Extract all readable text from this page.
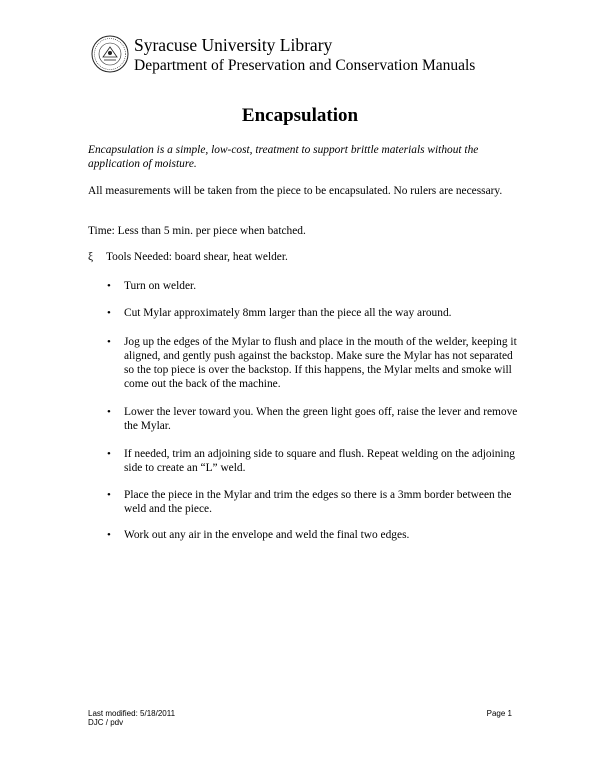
Syracuse University Library
Department of Preservation and Conservation Manuals
Encapsulation
Encapsulation is a simple, low-cost, treatment to support brittle materials without the application of moisture.
All measurements will be taken from the piece to be encapsulated. No rulers are necessary.
Time: Less than 5 min. per piece when batched.
ξ Tools Needed: board shear, heat welder.
• Turn on welder.
• Cut Mylar approximately 8mm larger than the piece all the way around.
• Jog up the edges of the Mylar to flush and place in the mouth of the welder, keeping it aligned, and gently push against the backstop. Make sure the Mylar has not separated so the top piece is over the backstop. If this happens, the Mylar melts and smoke will come out the back of the machine.
• Lower the lever toward you. When the green light goes off, raise the lever and remove the Mylar.
• If needed, trim an adjoining side to square and flush. Repeat welding on the adjoining side to create an “L” weld.
• Place the piece in the Mylar and trim the edges so there is a 3mm border between the weld and the piece.
• Work out any air in the envelope and weld the final two edges.
Last modified: 5/18/2011
DJC / pdv
Page 1
